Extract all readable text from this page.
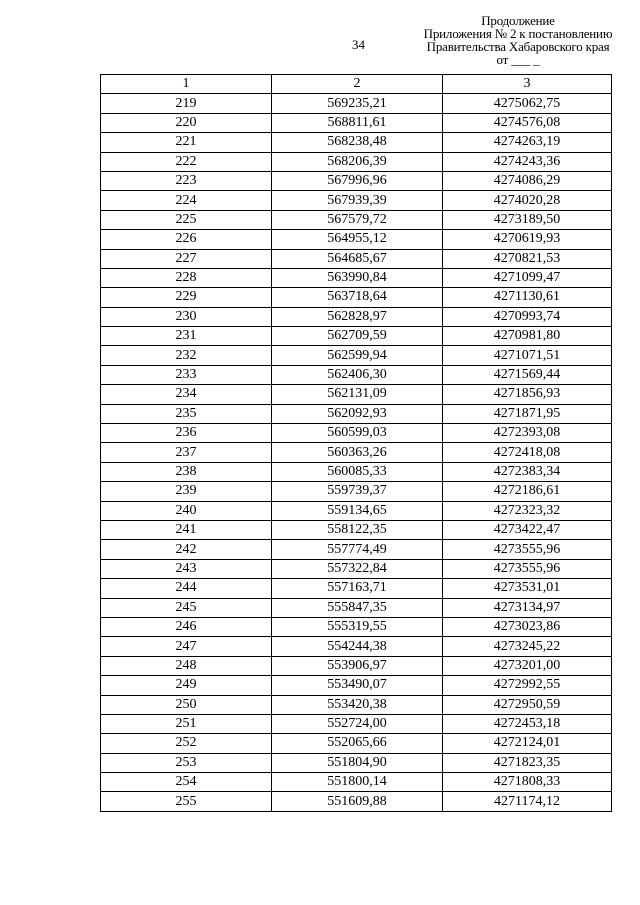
34
Продолжение
Приложения № 2 к постановлению
Правительства Хабаровского края
от ___ _
1	2	3
219	569235,21	4275062,75
220	568811,61	4274576,08
221	568238,48	4274263,19
222	568206,39	4274243,36
223	567996,96	4274086,29
224	567939,39	4274020,28
225	567579,72	4273189,50
226	564955,12	4270619,93
227	564685,67	4270821,53
228	563990,84	4271099,47
229	563718,64	4271130,61
230	562828,97	4270993,74
231	562709,59	4270981,80
232	562599,94	4271071,51
233	562406,30	4271569,44
234	562131,09	4271856,93
235	562092,93	4271871,95
236	560599,03	4272393,08
237	560363,26	4272418,08
238	560085,33	4272383,34
239	559739,37	4272186,61
240	559134,65	4272323,32
241	558122,35	4273422,47
242	557774,49	4273555,96
243	557322,84	4273555,96
244	557163,71	4273531,01
245	555847,35	4273134,97
246	555319,55	4273023,86
247	554244,38	4273245,22
248	553906,97	4273201,00
249	553490,07	4272992,55
250	553420,38	4272950,59
251	552724,00	4272453,18
252	552065,66	4272124,01
253	551804,90	4271823,35
254	551800,14	4271808,33
255	551609,88	4271174,12
